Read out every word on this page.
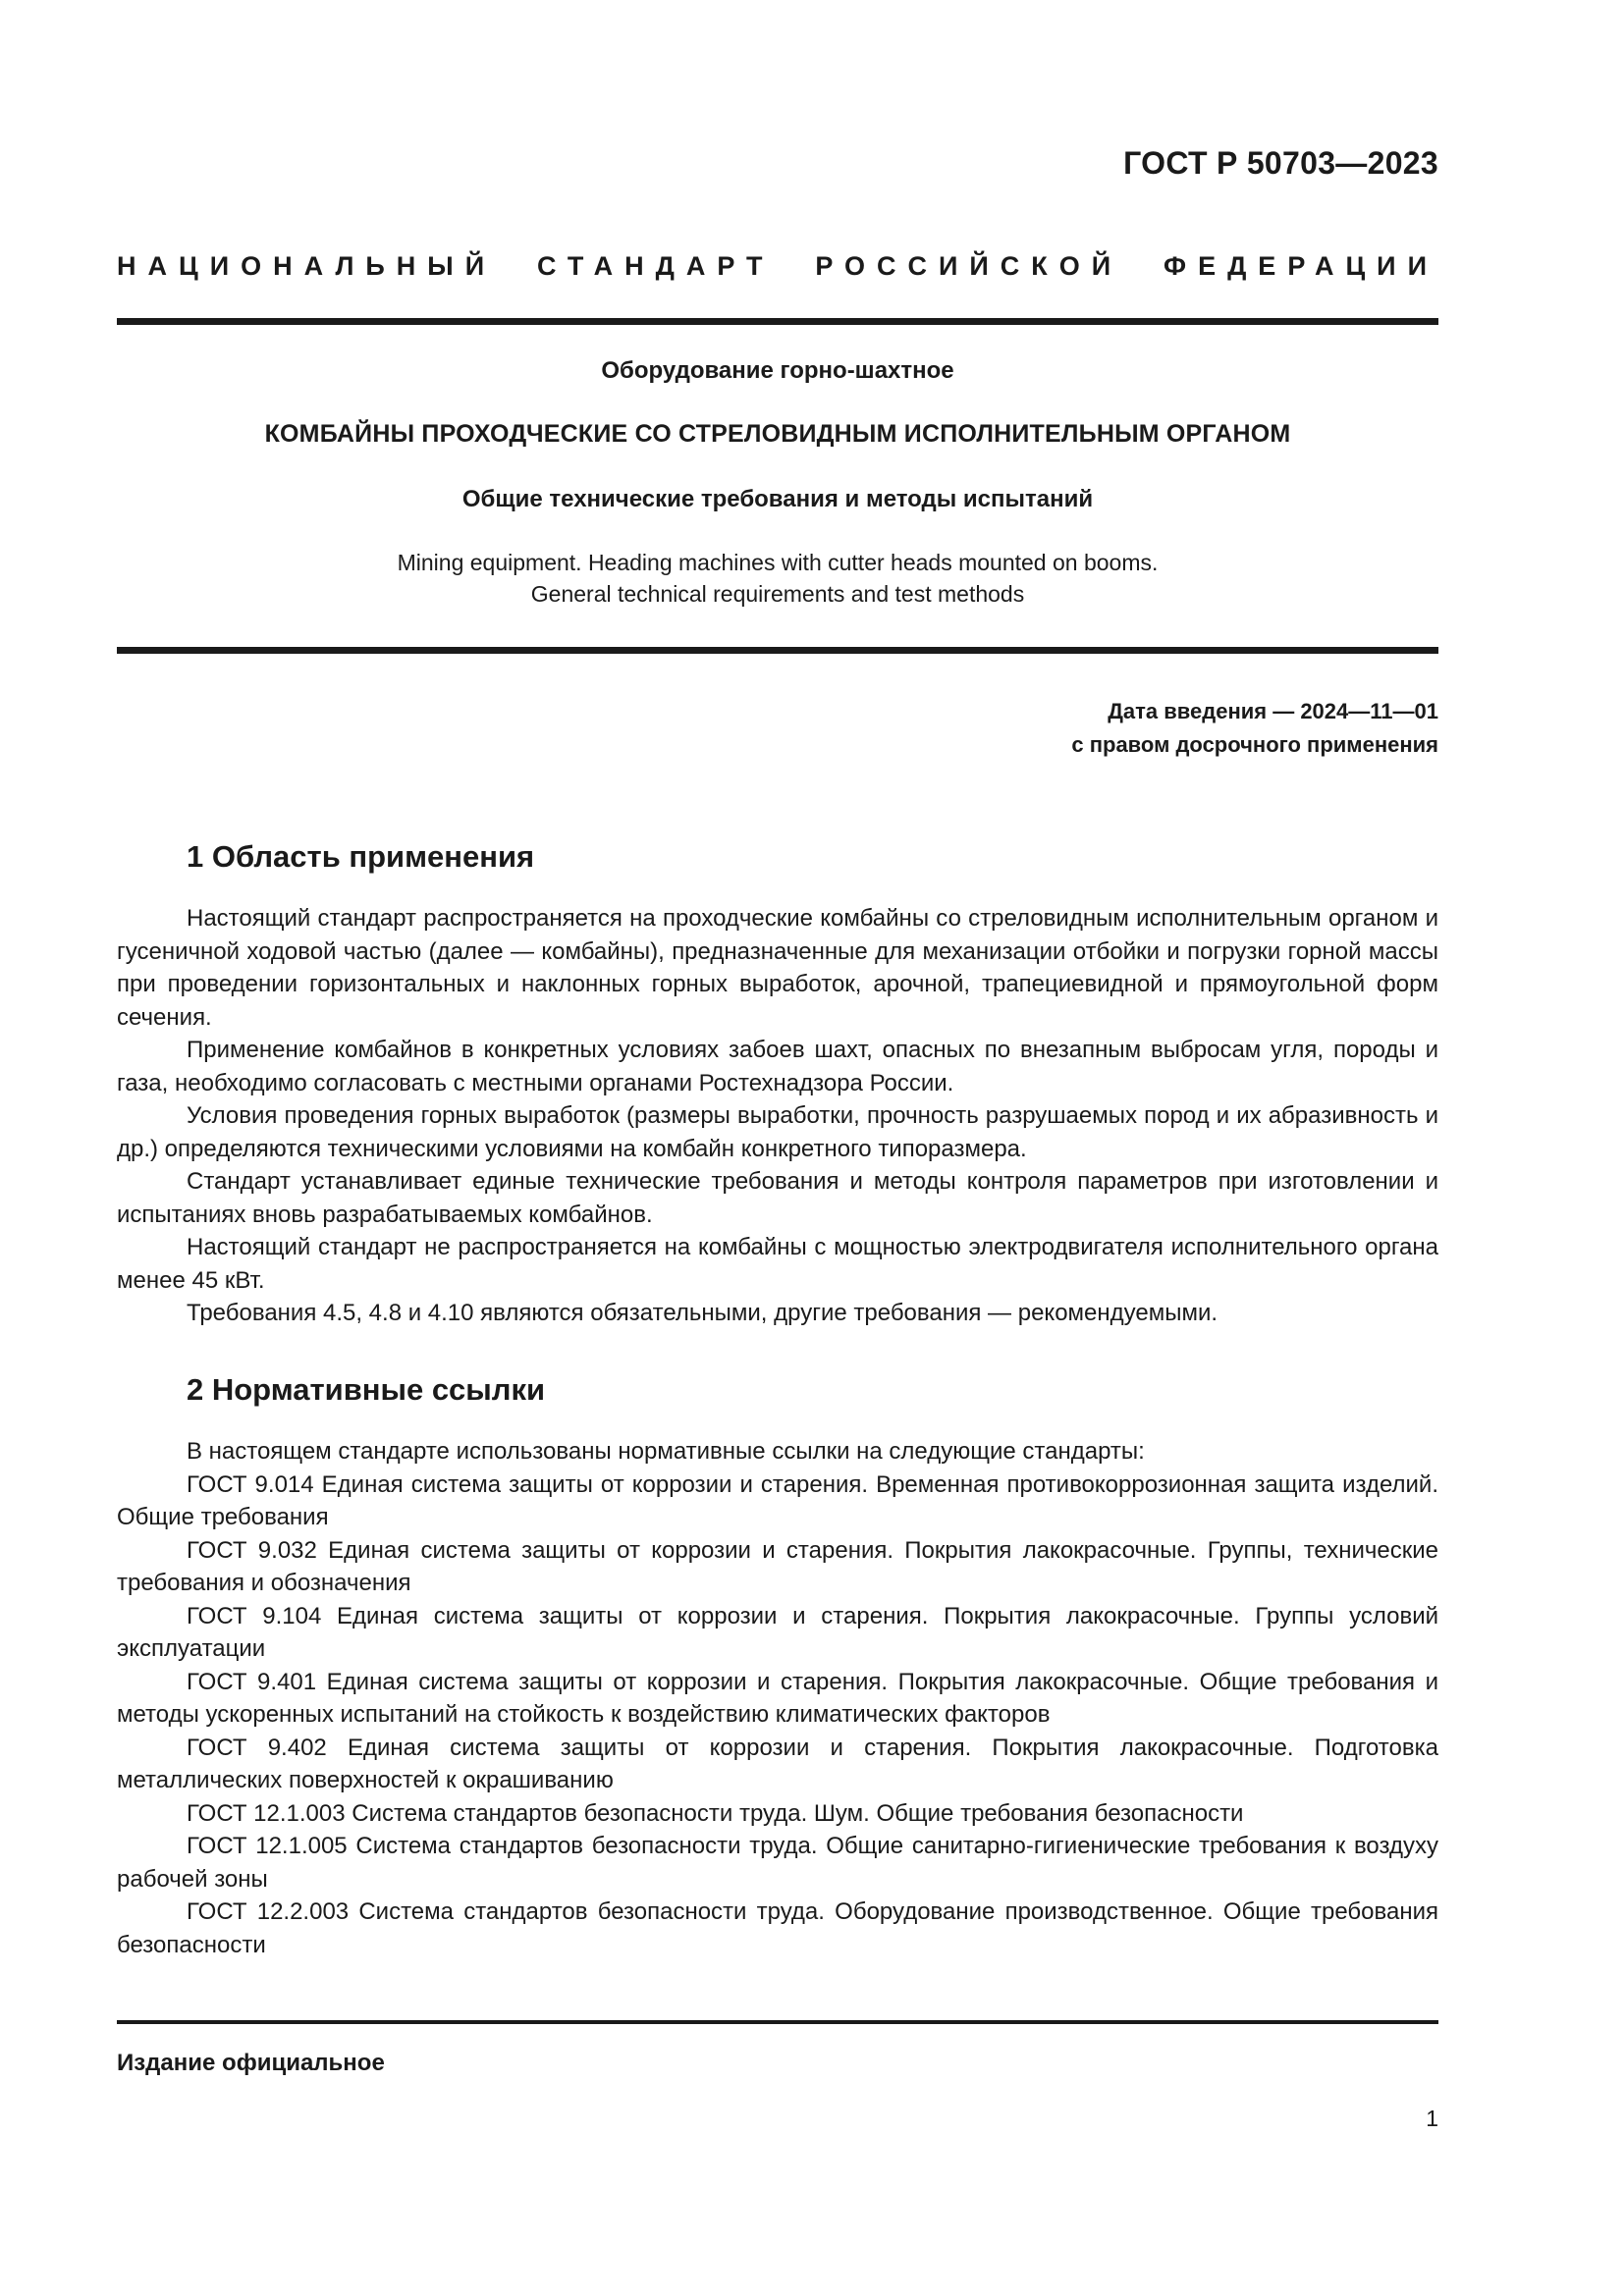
ГОСТ Р 50703—2023
НАЦИОНАЛЬНЫЙ СТАНДАРТ РОССИЙСКОЙ ФЕДЕРАЦИИ
Оборудование горно-шахтное
КОМБАЙНЫ ПРОХОДЧЕСКИЕ СО СТРЕЛОВИДНЫМ ИСПОЛНИТЕЛЬНЫМ ОРГАНОМ
Общие технические требования и методы испытаний
Mining equipment. Heading machines with cutter heads mounted on booms.
General technical requirements and test methods
Дата введения — 2024—11—01
с правом досрочного применения
1 Область применения

Настоящий стандарт распространяется на проходческие комбайны со стреловидным исполнительным органом и гусеничной ходовой частью (далее — комбайны), предназначенные для механизации отбойки и погрузки горной массы при проведении горизонтальных и наклонных горных выработок, арочной, трапециевидной и прямоугольной форм сечения.

Применение комбайнов в конкретных условиях забоев шахт, опасных по внезапным выбросам угля, породы и газа, необходимо согласовать с местными органами Ростехнадзора России.

Условия проведения горных выработок (размеры выработки, прочность разрушаемых пород и их абразивность и др.) определяются техническими условиями на комбайн конкретного типоразмера.

Стандарт устанавливает единые технические требования и методы контроля параметров при изготовлении и испытаниях вновь разрабатываемых комбайнов.

Настоящий стандарт не распространяется на комбайны с мощностью электродвигателя исполнительного органа менее 45 кВт.

Требования 4.5, 4.8 и 4.10 являются обязательными, другие требования — рекомендуемыми.

2 Нормативные ссылки

В настоящем стандарте использованы нормативные ссылки на следующие стандарты:

ГОСТ 9.014 Единая система защиты от коррозии и старения. Временная противокоррозионная защита изделий. Общие требования

ГОСТ 9.032 Единая система защиты от коррозии и старения. Покрытия лакокрасочные. Группы, технические требования и обозначения

ГОСТ 9.104 Единая система защиты от коррозии и старения. Покрытия лакокрасочные. Группы условий эксплуатации

ГОСТ 9.401 Единая система защиты от коррозии и старения. Покрытия лакокрасочные. Общие требования и методы ускоренных испытаний на стойкость к воздействию климатических факторов

ГОСТ 9.402 Единая система защиты от коррозии и старения. Покрытия лакокрасочные. Подготовка металлических поверхностей к окрашиванию

ГОСТ 12.1.003 Система стандартов безопасности труда. Шум. Общие требования безопасности

ГОСТ 12.1.005 Система стандартов безопасности труда. Общие санитарно-гигиенические требования к воздуху рабочей зоны

ГОСТ 12.2.003 Система стандартов безопасности труда. Оборудование производственное. Общие требования безопасности

Издание официальное
1
